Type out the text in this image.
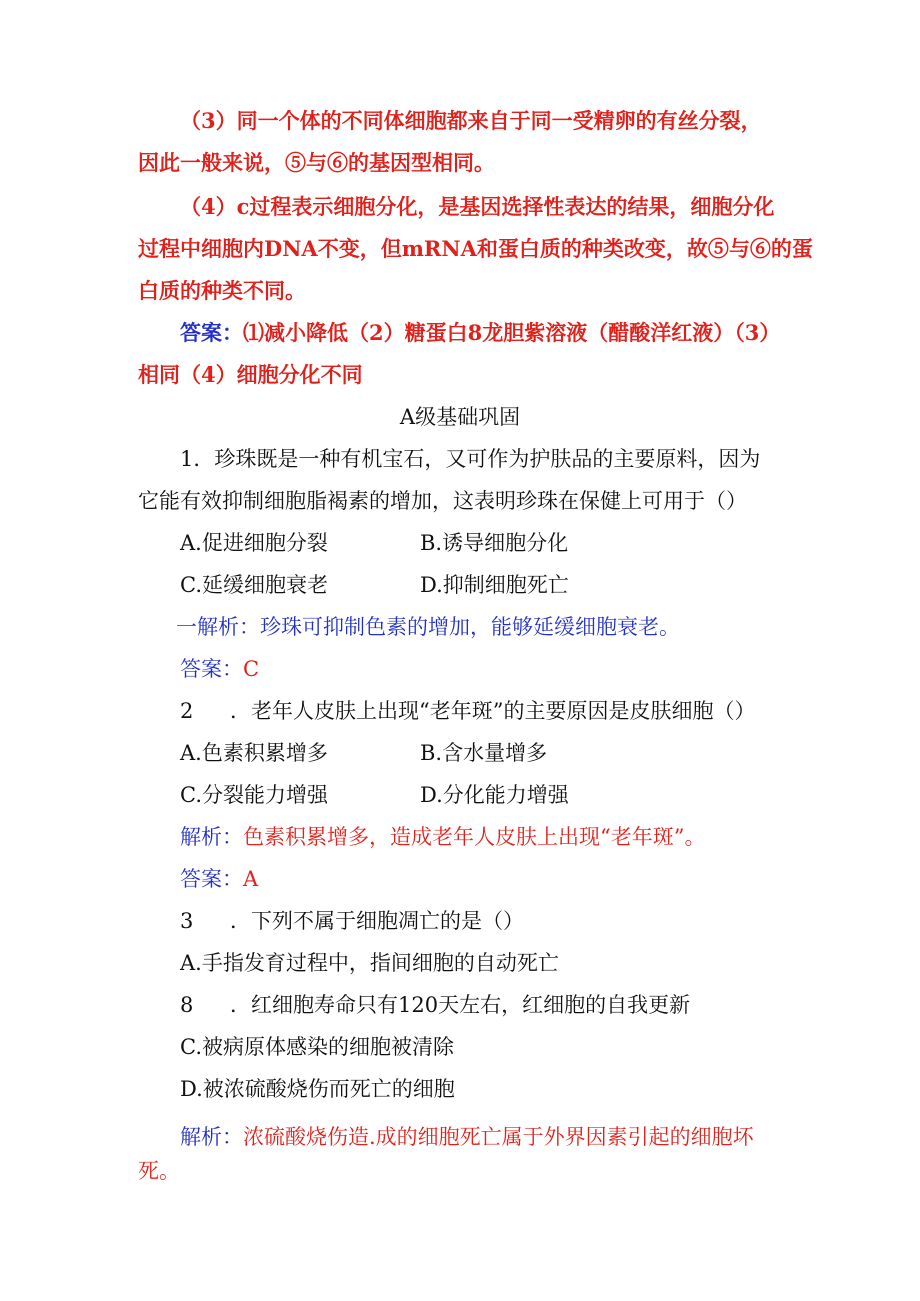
（3）同一个体的不同体细胞都来自于同一受精卵的有丝分裂，
因此一般来说，⑤与⑥的基因型相同。
（4）c过程表示细胞分化，是基因选择性表达的结果，细胞分化
过程中细胞内DNA不变，但mRNA和蛋白质的种类改变，故⑤与⑥的蛋
白质的种类不同。
答案：⑴减小降低（2）糖蛋白8龙胆紫溶液（醋酸洋红液）（3）
相同（4）细胞分化不同
A级基础巩固
1．珍珠既是一种有机宝石，又可作为护肤品的主要原料，因为
它能有效抑制细胞脂褐素的增加，这表明珍珠在保健上可用于（）
A.促进细胞分裂	B.诱导细胞分化
C.延缓细胞衰老	D.抑制细胞死亡
一解析：珍珠可抑制色素的增加，能够延缓细胞衰老。
答案：C
2 ．老年人皮肤上出现“老年斑”的主要原因是皮肤细胞（）
A.色素积累增多	B.含水量增多
C.分裂能力增强	D.分化能力增强
解析：色素积累增多，造成老年人皮肤上出现“老年斑”。
答案：A
3 ．下列不属于细胞凋亡的是（）
A.手指发育过程中，指间细胞的自动死亡
8 ．红细胞寿命只有120天左右，红细胞的自我更新
C.被病原体感染的细胞被清除
D.被浓硫酸烧伤而死亡的细胞
解析：浓硫酸烧伤造.成的细胞死亡属于外界因素引起的细胞坏
死。
